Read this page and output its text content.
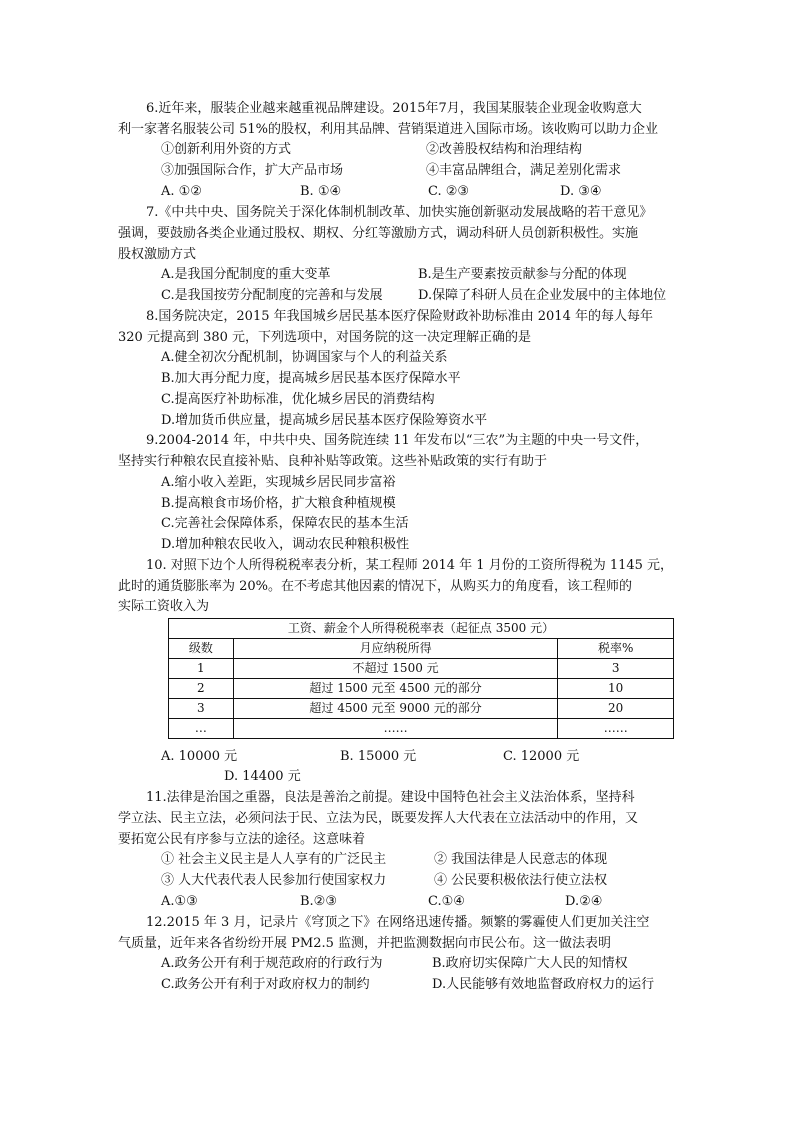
6.近年来，服装企业越来越重视品牌建设。2015年7月，我国某服装企业现金收购意大
利一家著名服装公司 51%的股权，利用其品牌、营销渠道进入国际市场。该收购可以助力企业
①创新利用外资的方式	②改善股权结构和治理结构
③加强国际合作，扩大产品市场	④丰富品牌组合，满足差别化需求
A. ①②	B. ①④	C. ②③	D. ③④
7.《中共中央、国务院关于深化体制机制改革、加快实施创新驱动发展战略的若干意见》
强调，要鼓励各类企业通过股权、期权、分红等激励方式，调动科研人员创新积极性。实施
股权激励方式
A.是我国分配制度的重大变革	B.是生产要素按贡献参与分配的体现
C.是我国按劳分配制度的完善和与发展	D.保障了科研人员在企业发展中的主体地位
8.国务院决定，2015 年我国城乡居民基本医疗保险财政补助标准由 2014 年的每人每年
320 元提高到 380 元，下列选项中，对国务院的这一决定理解正确的是
A.健全初次分配机制，协调国家与个人的利益关系
B.加大再分配力度，提高城乡居民基本医疗保障水平
C.提高医疗补助标准，优化城乡居民的消费结构
D.增加货币供应量，提高城乡居民基本医疗保险筹资水平
9.2004-2014 年，中共中央、国务院连续 11 年发布以“三农”为主题的中央一号文件，
坚持实行种粮农民直接补贴、良种补贴等政策。这些补贴政策的实行有助于
A.缩小收入差距，实现城乡居民同步富裕
B.提高粮食市场价格，扩大粮食种植规模
C.完善社会保障体系，保障农民的基本生活
D.增加种粮农民收入，调动农民种粮积极性
10. 对照下边个人所得税税率表分析，某工程师 2014 年 1 月份的工资所得税为 1145 元，
此时的通货膨胀率为 20%。在不考虑其他因素的情况下，从购买力的角度看，该工程师的
实际工资收入为
工资、薪金个人所得税税率表（起征点 3500 元）		
级数	月应纳税所得	税率%
1	不超过 1500 元	3
2	超过 1500 元至 4500 元的部分	10
3	超过 4500 元至 9000 元的部分	20
…	……	……
A. 10000 元	B. 15000 元	C. 12000 元
D. 14400 元
11.法律是治国之重器，良法是善治之前提。建设中国特色社会主义法治体系，坚持科
学立法、民主立法，必须问法于民、立法为民，既要发挥人大代表在立法活动中的作用，又
要拓宽公民有序参与立法的途径。这意味着
① 社会主义民主是人人享有的广泛民主	② 我国法律是人民意志的体现
③ 人大代表代表人民参加行使国家权力	④ 公民要积极依法行使立法权
A.①③	B.②③	C.①④	D.②④
12.2015 年 3 月，记录片《穹顶之下》在网络迅速传播。频繁的雾霾使人们更加关注空
气质量，近年来各省纷纷开展 PM2.5 监测，并把监测数据向市民公布。这一做法表明
A.政务公开有利于规范政府的行政行为	B.政府切实保障广大人民的知情权
C.政务公开有利于对政府权力的制约	D.人民能够有效地监督政府权力的运行
